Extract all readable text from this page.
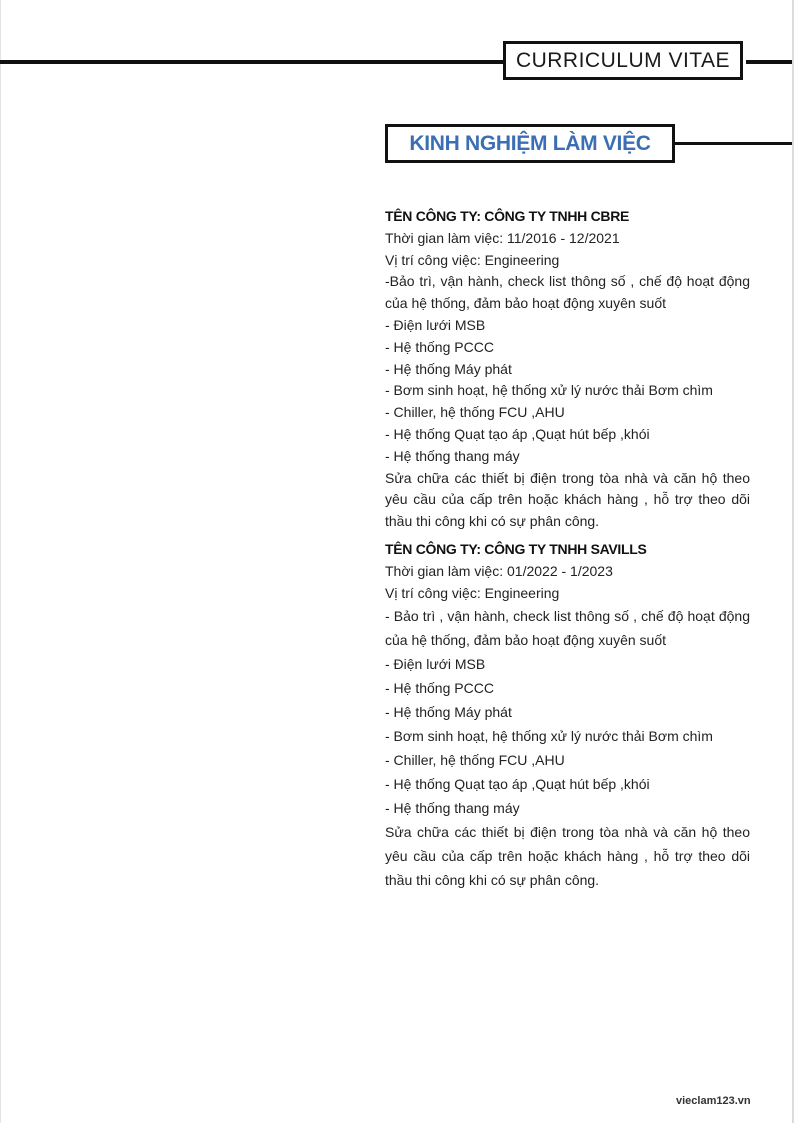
CURRICULUM VITAE
KINH NGHIỆM LÀM VIỆC
TÊN CÔNG TY: CÔNG TY TNHH CBRE
Thời gian làm việc: 11/2016 - 12/2021
Vị trí công việc: Engineering
-Bảo trì, vận hành, check list thông số , chế độ hoạt động của hệ thống, đảm bảo hoạt động xuyên suốt
- Điện lưới MSB
- Hệ thống PCCC
- Hệ thống Máy phát
- Bơm sinh hoạt, hệ thống xử lý nước thải Bơm chìm
- Chiller, hệ thống FCU ,AHU
- Hệ thống Quạt tạo áp ,Quạt hút bếp ,khói
- Hệ thống thang máy
Sửa chữa các thiết bị điện trong tòa nhà và căn hộ theo yêu cầu của cấp trên hoặc khách hàng , hỗ trợ theo dõi thầu thi công khi có sự phân công.
TÊN CÔNG TY: CÔNG TY TNHH SAVILLS
Thời gian làm việc: 01/2022 - 1/2023
Vị trí công việc: Engineering
- Bảo trì , vận hành, check list thông số , chế độ hoạt động của hệ thống, đảm bảo hoạt động xuyên suốt
- Điện lưới MSB
- Hệ thống PCCC
- Hệ thống Máy phát
- Bơm sinh hoạt, hệ thống xử lý nước thải Bơm chìm
- Chiller, hệ thống FCU ,AHU
- Hệ thống Quạt tạo áp ,Quạt hút bếp ,khói
- Hệ thống thang máy
Sửa chữa các thiết bị điện trong tòa nhà và căn hộ theo yêu cầu của cấp trên hoặc khách hàng , hỗ trợ theo dõi thầu thi công khi có sự phân công.
vieclam123.vn
